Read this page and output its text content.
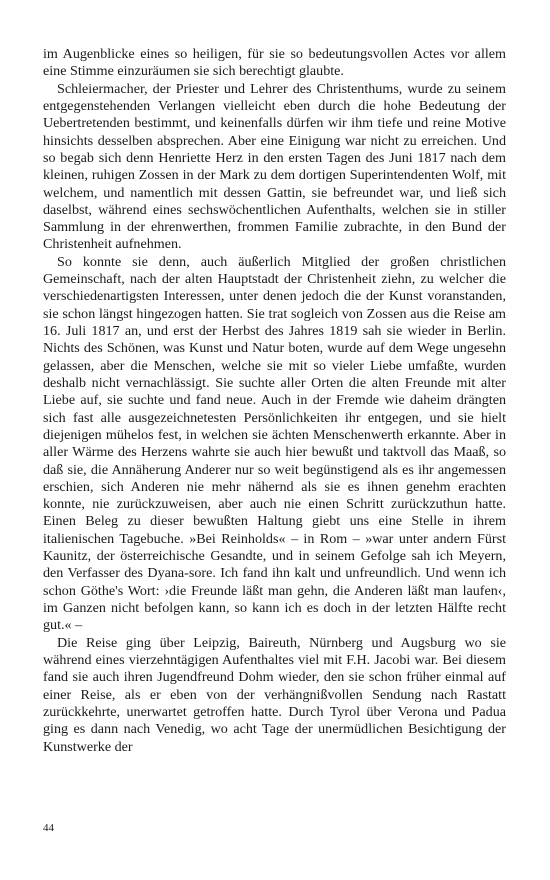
im Augenblicke eines so heiligen, für sie so bedeutungsvollen Actes vor allem eine Stimme einzuräumen sie sich berechtigt glaubte.

Schleiermacher, der Priester und Lehrer des Christenthums, wurde zu seinem entgegenstehenden Verlangen vielleicht eben durch die hohe Bedeutung der Uebertretenden bestimmt, und keinenfalls dürfen wir ihm tiefe und reine Motive hinsichts desselben absprechen. Aber eine Einigung war nicht zu erreichen. Und so begab sich denn Henriette Herz in den ersten Tagen des Juni 1817 nach dem kleinen, ruhigen Zossen in der Mark zu dem dortigen Superintendenten Wolf, mit welchem, und namentlich mit dessen Gattin, sie befreundet war, und ließ sich daselbst, während eines sechswöchentlichen Aufenthalts, welchen sie in stiller Sammlung in der ehrenwerthen, frommen Familie zubrachte, in den Bund der Christenheit aufnehmen.

So konnte sie denn, auch äußerlich Mitglied der großen christlichen Gemeinschaft, nach der alten Hauptstadt der Christenheit ziehn, zu welcher die verschiedenartigsten Interessen, unter denen jedoch die der Kunst voranstanden, sie schon längst hingezogen hatten. Sie trat sogleich von Zossen aus die Reise am 16. Juli 1817 an, und erst der Herbst des Jahres 1819 sah sie wieder in Berlin. Nichts des Schönen, was Kunst und Natur boten, wurde auf dem Wege ungesehn gelassen, aber die Menschen, welche sie mit so vieler Liebe umfaßte, wurden deshalb nicht vernachlässigt. Sie suchte aller Orten die alten Freunde mit alter Liebe auf, sie suchte und fand neue. Auch in der Fremde wie daheim drängten sich fast alle ausgezeichnetesten Persönlichkeiten ihr entgegen, und sie hielt diejenigen mühelos fest, in welchen sie ächten Menschenwerth erkannte. Aber in aller Wärme des Herzens wahrte sie auch hier bewußt und taktvoll das Maaß, so daß sie, die Annäherung Anderer nur so weit begünstigend als es ihr angemessen erschien, sich Anderen nie mehr nähernd als sie es ihnen genehm erachten konnte, nie zurückzuweisen, aber auch nie einen Schritt zurückzuthun hatte. Einen Beleg zu dieser bewußten Haltung giebt uns eine Stelle in ihrem italienischen Tagebuche. »Bei Reinholds« – in Rom – »war unter andern Fürst Kaunitz, der österreichische Gesandte, und in seinem Gefolge sah ich Meyern, den Verfasser des Dyana-sore. Ich fand ihn kalt und unfreundlich. Und wenn ich schon Göthe's Wort: ›die Freunde läßt man gehn, die Anderen läßt man laufen‹, im Ganzen nicht befolgen kann, so kann ich es doch in der letzten Hälfte recht gut.« –

Die Reise ging über Leipzig, Baireuth, Nürnberg und Augsburg wo sie während eines vierzehntägigen Aufenthaltes viel mit F.H. Jacobi war. Bei diesem fand sie auch ihren Jugendfreund Dohm wieder, den sie schon früher einmal auf einer Reise, als er eben von der verhängnißvollen Sendung nach Rastatt zurückkehrte, unerwartet getroffen hatte. Durch Tyrol über Verona und Padua ging es dann nach Venedig, wo acht Tage der unermüdlichen Besichtigung der Kunstwerke der

44
